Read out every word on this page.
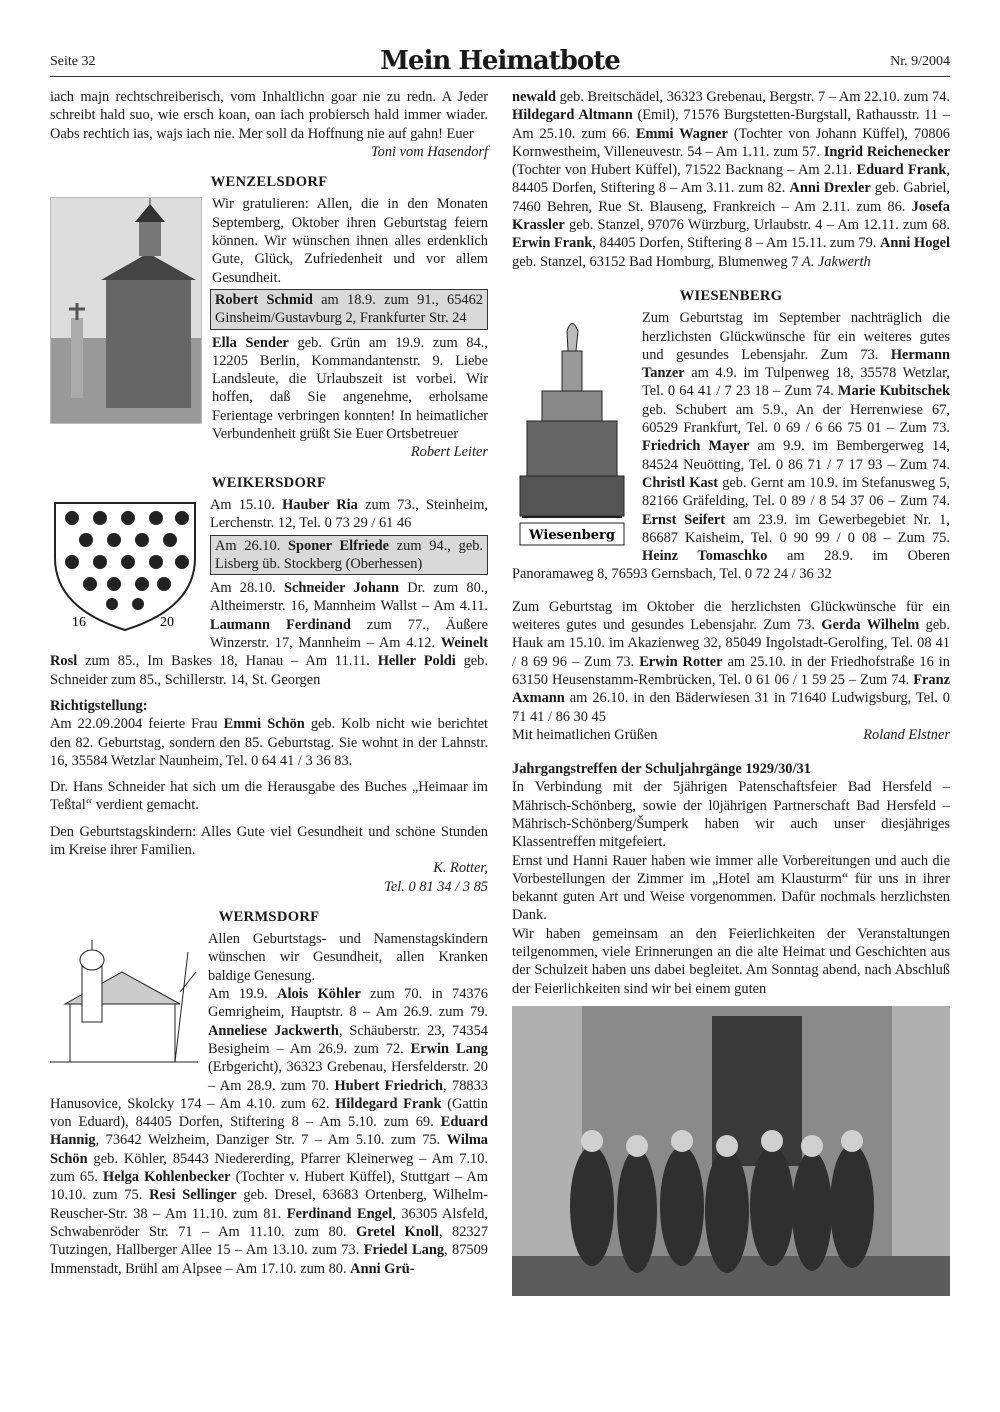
Seite 32	Mein Heimatbote	Nr. 9/2004

iach majn rechtschreiberisch, vom Inhaltlichn goar nie zu redn. A Jeder schreibt hald suo, wie ersch koan, oan iach probiersch hald immer wiader. Oabs rechtich ias, wajs iach nie. Mer soll da Hoffnung nie auf gahn! Euer

Toni vom Hasendorf

WENZELSDORF

Wir gratulieren: Allen, die in den Monaten Septemberg, Oktober ihren Geburtstag feiern können. Wir wünschen ihnen alles erdenklich Gute, Glück, Zufriedenheit und vor allem Gesundheit.

Robert Schmid am 18.9. zum 91., 65462 Ginsheim/Gustavburg 2, Frankfurter Str. 24

Ella Sender geb. Grün am 19.9. zum 84., 12205 Berlin, Kommandantenstr. 9. Liebe Landsleute, die Urlaubszeit ist vorbei. Wir hoffen, daß Sie angenehme, erholsame Ferientage verbringen konnten! In heimatlicher Verbundenheit grüßt Sie Euer Ortsbetreuer

Robert Leiter

WEIKERSDORF

16	20

Am 15.10. Hauber Ria zum 73., Steinheim, Lerchenstr. 12, Tel. 0 73 29 / 61 46

Am 26.10. Sponer Elfriede zum 94., geb. Lisberg üb. Stockberg (Oberhessen)

Am 28.10. Schneider Johann Dr. zum 80., Altheimerstr. 16, Mannheim Wallst – Am 4.11. Laumann Ferdinand zum 77., Äußere Winzerstr. 17, Mannheim – Am 4.12. Weinelt Rosl zum 85., Im Baskes 18, Hanau – Am 11.11. Heller Poldi geb. Schneider zum 85., Schillerstr. 14, St. Georgen

Richtigstellung:

Am 22.09.2004 feierte Frau Emmi Schön geb. Kolb nicht wie berichtet den 82. Geburtstag, sondern den 85. Geburtstag. Sie wohnt in der Lahnstr. 16, 35584 Wetzlar Naunheim, Tel. 0 64 41 / 3 36 83.

Dr. Hans Schneider hat sich um die Herausgabe des Buches „Heimaar im Teßtal“ verdient gemacht.

Den Geburtstagskindern: Alles Gute viel Gesundheit und schöne Stunden im Kreise ihrer Familien.

K. Rotter,
Tel. 0 81 34 / 3 85

WERMSDORF

Allen Geburtstags- und Namenstagskindern wünschen wir Gesundheit, allen Kranken baldige Genesung.

Am 19.9. Alois Köhler zum 70. in 74376 Gemrigheim, Hauptstr. 8 – Am 26.9. zum 79. Anneliese Jackwerth, Schäuberstr. 23, 74354 Besigheim – Am 26.9. zum 72. Erwin Lang (Erbgericht), 36323 Grebenau, Hersfelderstr. 20 – Am 28.9. zum 70. Hubert Friedrich, 78833 Hanusovice, Skolcky 174 – Am 4.10. zum 62. Hildegard Frank (Gattin von Eduard), 84405 Dorfen, Stiftering 8 – Am 5.10. zum 69. Eduard Hannig, 73642 Welzheim, Danziger Str. 7 – Am 5.10. zum 75. Wilma Schön geb. Köhler, 85443 Niedererding, Pfarrer Kleinerweg – Am 7.10. zum 65. Helga Kohlenbecker (Tochter v. Hubert Küffel), Stuttgart – Am 10.10. zum 75. Resi Sellinger geb. Dresel, 63683 Ortenberg, Wilhelm-Reuscher-Str. 38 – Am 11.10. zum 81. Ferdinand Engel, 36305 Alsfeld, Schwabenröder Str. 71 – Am 11.10. zum 80. Gretel Knoll, 82327 Tutzingen, Hallberger Allee 15 – Am 13.10. zum 73. Friedel Lang, 87509 Immenstadt, Brühl am Alpsee – Am 17.10. zum 80. Anni Grü-

newald geb. Breitschädel, 36323 Grebenau, Bergstr. 7 – Am 22.10. zum 74. Hildegard Altmann (Emil), 71576 Burgstetten-Burgstall, Rathausstr. 11 – Am 25.10. zum 66. Emmi Wagner (Tochter von Johann Küffel), 70806 Kornwestheim, Villeneuvestr. 54 – Am 1.11. zum 57. Ingrid Reichenecker (Tochter von Hubert Küffel), 71522 Backnang – Am 2.11. Eduard Frank, 84405 Dorfen, Stiftering 8 – Am 3.11. zum 82. Anni Drexler geb. Gabriel, 7460 Behren, Rue St. Blauseng, Frankreich – Am 2.11. zum 86. Josefa Krassler geb. Stanzel, 97076 Würzburg, Urlaubstr. 4 – Am 12.11. zum 68. Erwin Frank, 84405 Dorfen, Stiftering 8 – Am 15.11. zum 79. Anni Hogel geb. Stanzel, 63152 Bad Homburg, Blumenweg 7 A. Jakwerth

WIESENBERG

Wiesenberg

Zum Geburtstag im September nachträglich die herzlichsten Glückwünsche für ein weiteres gutes und gesundes Lebensjahr. Zum 73. Hermann Tanzer am 4.9. im Tulpenweg 18, 35578 Wetzlar, Tel. 0 64 41 / 7 23 18 – Zum 74. Marie Kubitschek geb. Schubert am 5.9., An der Herrenwiese 67, 60529 Frankfurt, Tel. 0 69 / 6 66 75 01 – Zum 73. Friedrich Mayer am 9.9. im Bembergerweg 14, 84524 Neuötting, Tel. 0 86 71 / 7 17 93 – Zum 74. Christl Kast geb. Gernt am 10.9. im Stefanusweg 5, 82166 Gräfelding, Tel. 0 89 / 8 54 37 06 – Zum 74. Ernst Seifert am 23.9. im Gewerbegebiet Nr. 1, 86687 Kaisheim, Tel. 0 90 99 / 0 08 – Zum 75. Heinz Tomaschko am 28.9. im Oberen Panoramaweg 8, 76593 Gernsbach, Tel. 0 72 24 / 36 32

Zum Geburtstag im Oktober die herzlichsten Glückwünsche für ein weiteres gutes und gesundes Lebensjahr. Zum 73. Gerda Wilhelm geb. Hauk am 15.10. im Akazienweg 32, 85049 Ingolstadt-Gerolfing, Tel. 08 41 / 8 69 96 – Zum 73. Erwin Rotter am 25.10. in der Friedhofstraße 16 in 63150 Heusenstamm-Rembrücken, Tel. 0 61 06 / 1 59 25 – Zum 74. Franz Axmann am 26.10. in den Bäderwiesen 31 in 71640 Ludwigsburg, Tel. 0 71 41 / 86 30 45

Mit heimatlichen Grüßen	Roland Elstner

Jahrgangstreffen der Schuljahrgänge 1929/30/31

In Verbindung mit der 5jährigen Patenschaftsfeier Bad Hersfeld – Mährisch-Schönberg, sowie der l0jährigen Partnerschaft Bad Hersfeld – Mährisch-Schönberg/Šumperk haben wir auch unser diesjähriges Klassentreffen mitgefeiert.

Ernst und Hanni Rauer haben wie immer alle Vorbereitungen und auch die Vorbestellungen der Zimmer im „Hotel am Klausturm“ für uns in ihrer bekannt guten Art und Weise vorgenommen. Dafür nochmals herzlichsten Dank.

Wir haben gemeinsam an den Feierlichkeiten der Veranstaltungen teilgenommen, viele Erinnerungen an die alte Heimat und Geschichten aus der Schulzeit haben uns dabei begleitet. Am Sonntag abend, nach Abschluß der Feierlichkeiten sind wir bei einem guten
